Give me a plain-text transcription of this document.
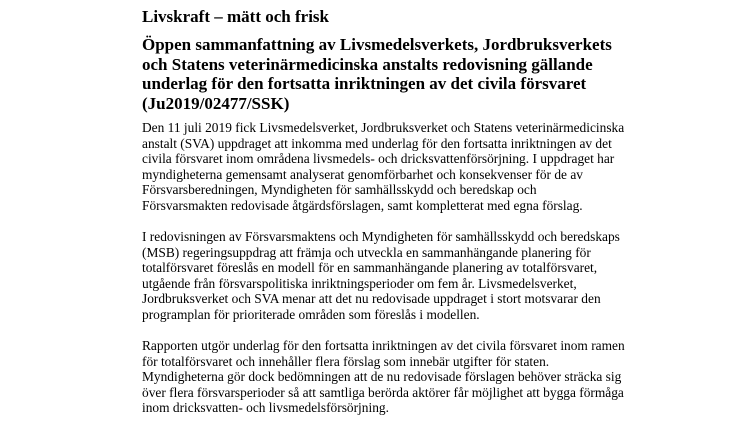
Livskraft – mätt och frisk
Öppen sammanfattning av Livsmedelsverkets, Jordbruksverkets
och Statens veterinärmedicinska anstalts redovisning gällande
underlag för den fortsatta inriktningen av det civila försvaret
(Ju2019/02477/SSK)
Den 11 juli 2019 fick Livsmedelsverket, Jordbruksverket och Statens veterinärmedicinska
anstalt (SVA) uppdraget att inkomma med underlag för den fortsatta inriktningen av det
civila försvaret inom områdena livsmedels- och dricksvattenförsörjning. I uppdraget har
myndigheterna gemensamt analyserat genomförbarhet och konsekvenser för de av
Försvarsberedningen, Myndigheten för samhällsskydd och beredskap och
Försvarsmakten redovisade åtgärdsförslagen, samt kompletterat med egna förslag.
I redovisningen av Försvarsmaktens och Myndigheten för samhällsskydd och beredskaps
(MSB) regeringsuppdrag att främja och utveckla en sammanhängande planering för
totalförsvaret föreslås en modell för en sammanhängande planering av totalförsvaret,
utgående från försvarspolitiska inriktningsperioder om fem år. Livsmedelsverket,
Jordbruksverket och SVA menar att det nu redovisade uppdraget i stort motsvarar den
programplan för prioriterade områden som föreslås i modellen.
Rapporten utgör underlag för den fortsatta inriktningen av det civila försvaret inom ramen
för totalförsvaret och innehåller flera förslag som innebär utgifter för staten.
Myndigheterna gör dock bedömningen att de nu redovisade förslagen behöver sträcka sig
över flera försvarsperioder så att samtliga berörda aktörer får möjlighet att bygga förmåga
inom dricksvatten- och livsmedelsförsörjning.
